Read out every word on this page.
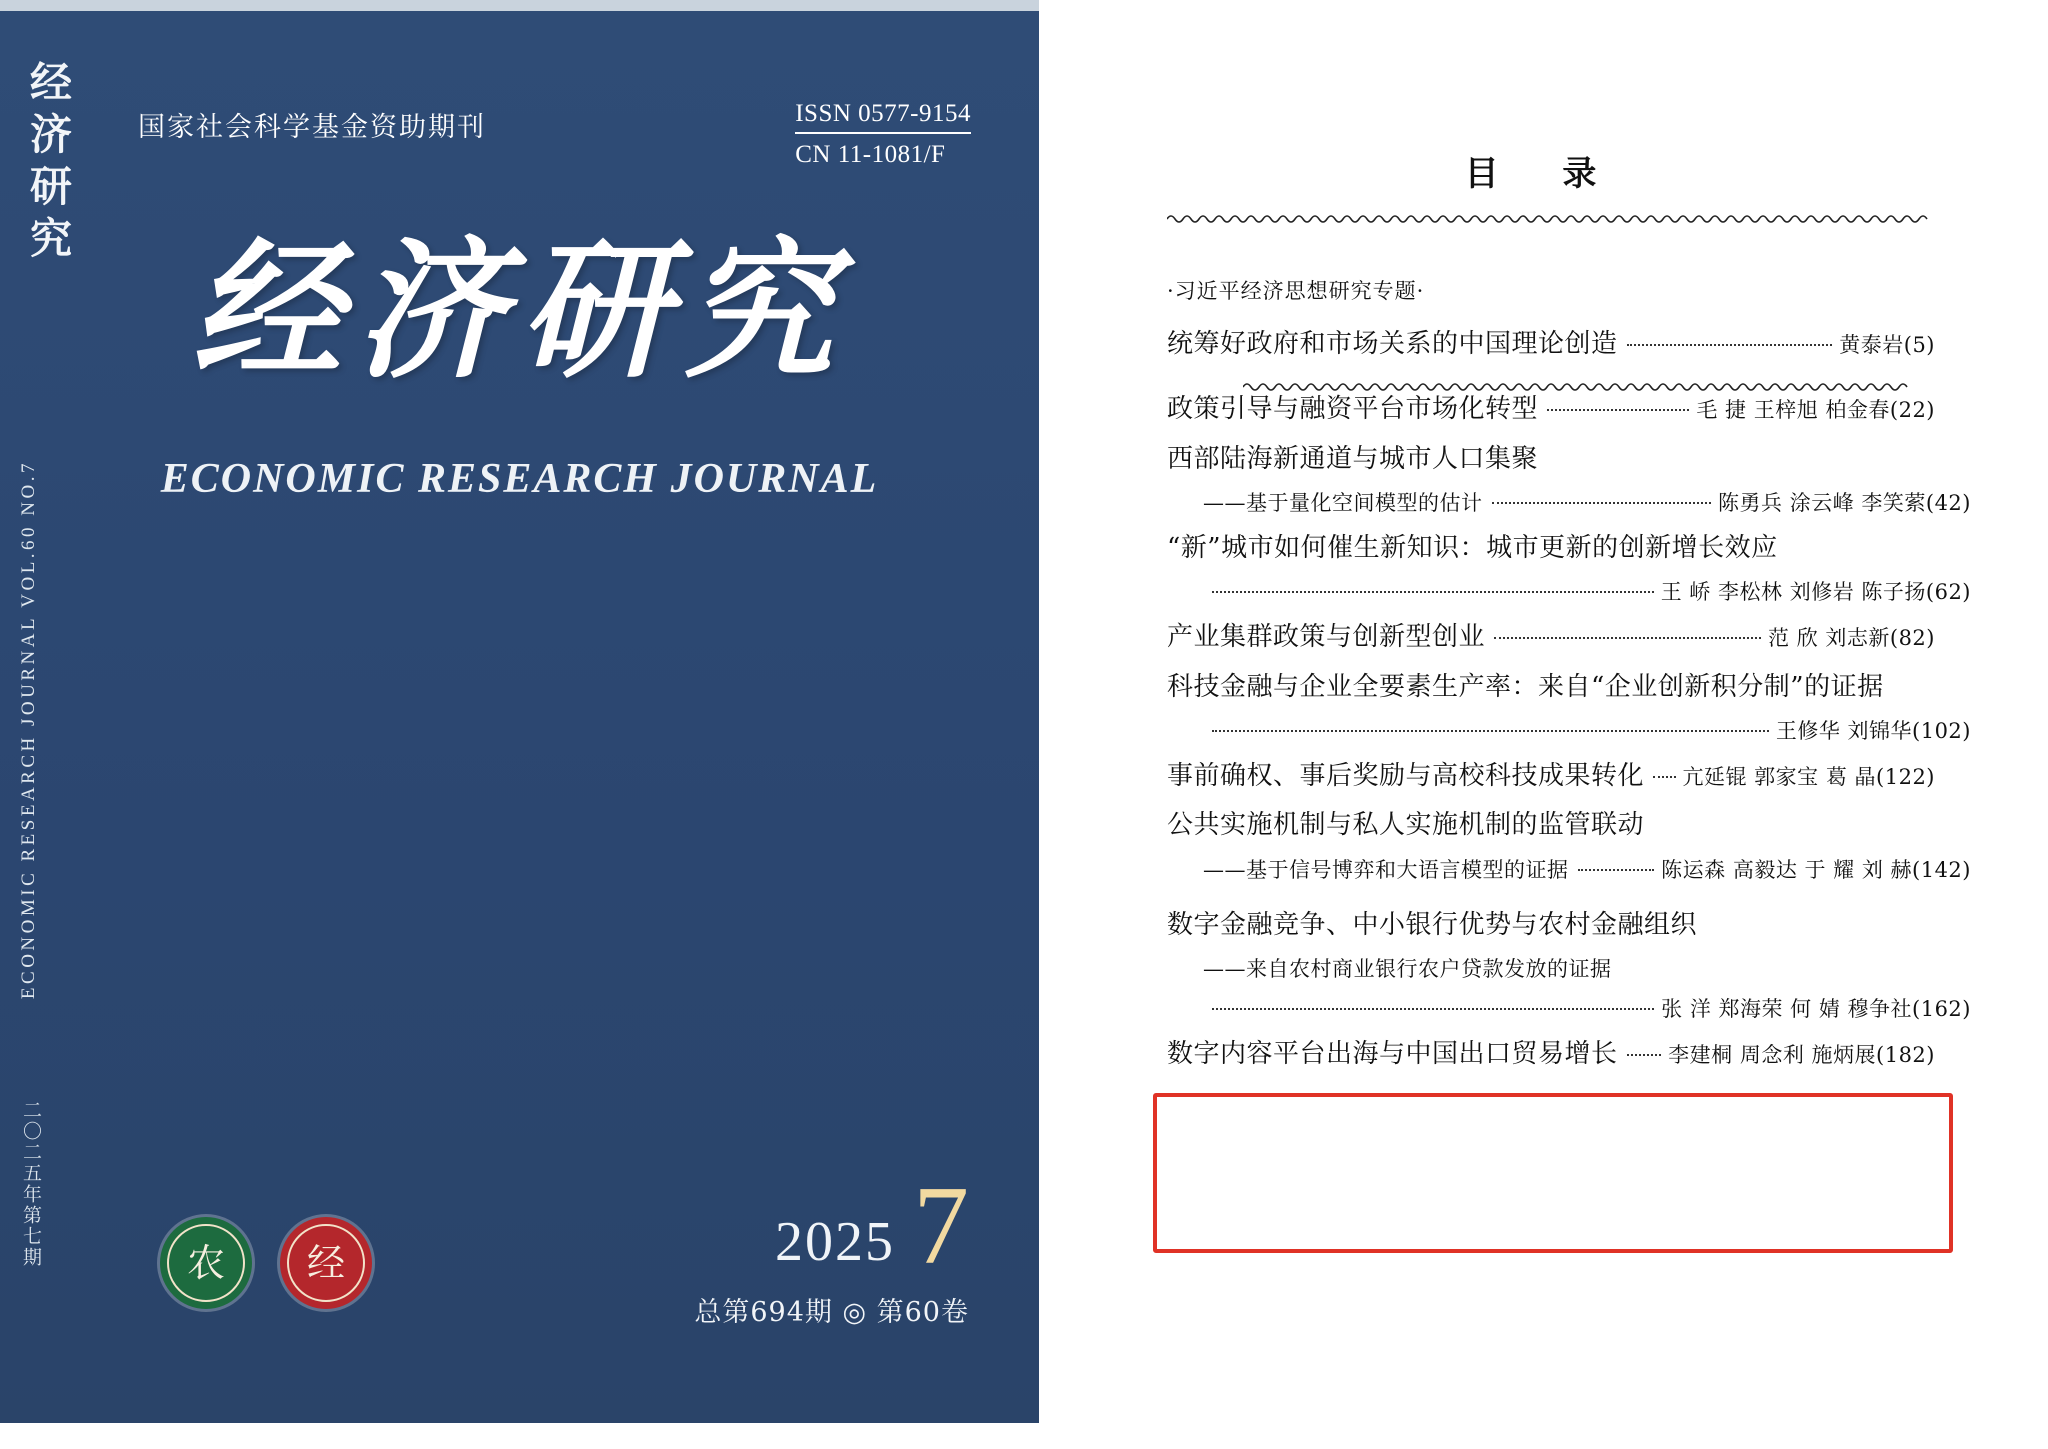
经济研究
ECONOMIC RESEARCH JOURNAL VOL.60 NO.7
二〇二五年第七期
国家社会科学基金资助期刊	ISSN 0577-9154
CN 11-1081/F
经济研究
ECONOMIC RESEARCH JOURNAL
农	经	2025 7
总第694期 ◎ 第60卷
目 录
·习近平经济思想研究专题·
统筹好政府和市场关系的中国理论创造	黄泰岩(5)
政策引导与融资平台市场化转型	毛 捷 王梓旭 柏金春(22)
西部陆海新通道与城市人口集聚
——基于量化空间模型的估计	陈勇兵 涂云峰 李笑萦(42)
“新”城市如何催生新知识：城市更新的创新增长效应
王 峤 李松林 刘修岩 陈子扬(62)
产业集群政策与创新型创业	范 欣 刘志新(82)
科技金融与企业全要素生产率：来自“企业创新积分制”的证据
王修华 刘锦华(102)
事前确权、事后奖励与高校科技成果转化 亢延锟 郭家宝 葛 晶(122)
公共实施机制与私人实施机制的监管联动
——基于信号博弈和大语言模型的证据	陈运森 高毅达 于 耀 刘 赫(142)
数字金融竞争、中小银行优势与农村金融组织
——来自农村商业银行农户贷款发放的证据
张 洋 郑海荣 何 婧 穆争社(162)
数字内容平台出海与中国出口贸易增长 李建桐 周念利 施炳展(182)
